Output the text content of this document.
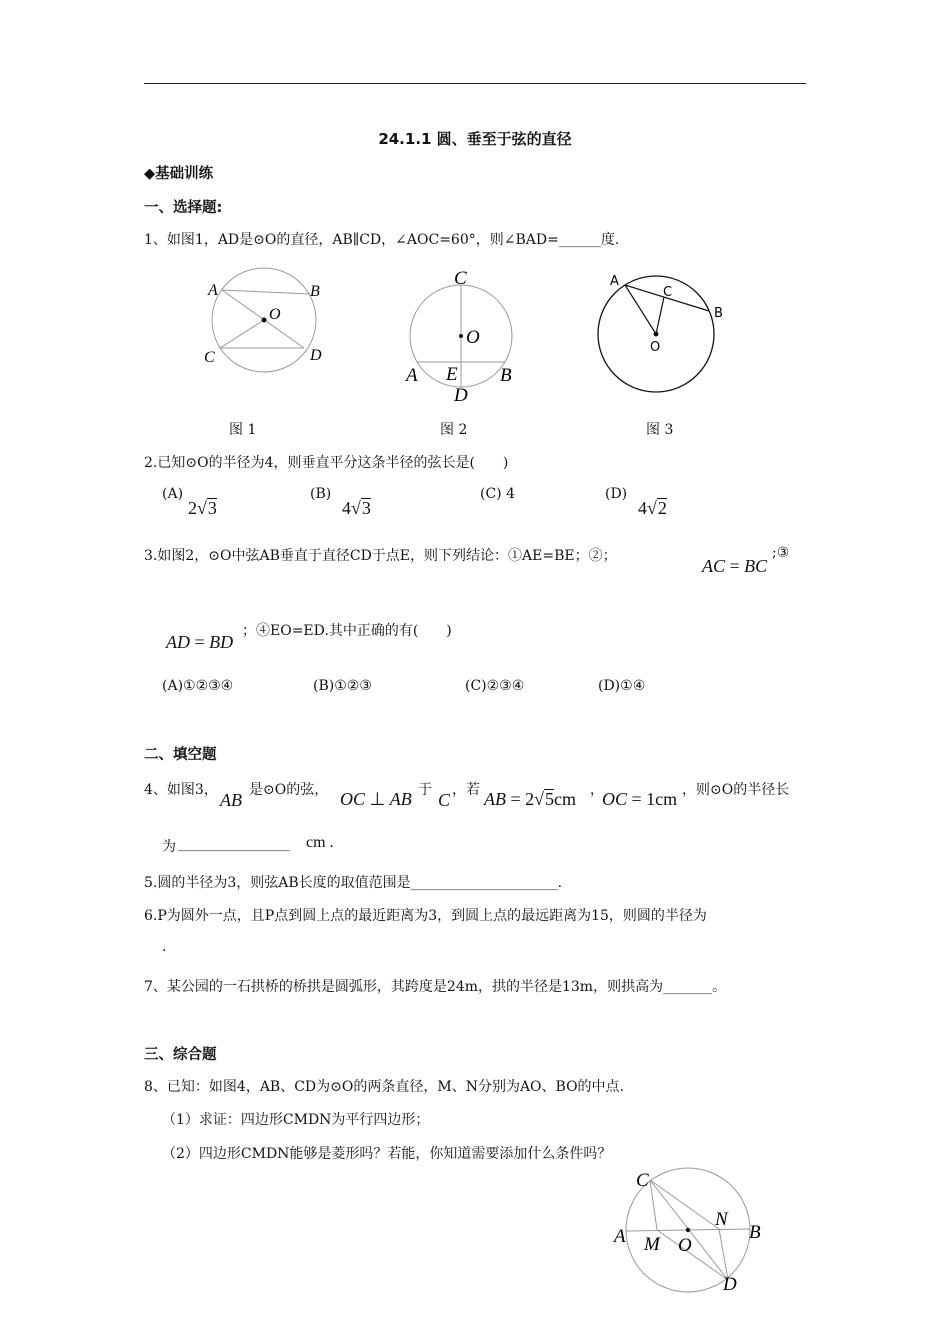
24.1.1 圆、垂至于弦的直径
◆基础训练
一、选择题:
1、如图1，AD是⊙O的直径，AB∥CD，∠AOC=60°，则∠BAD=______度.
A	B
O
C	D
图 1
C
O
A E B
D
图 2
A
C
B
O
图 3
2.已知⊙O的半径为4，则垂直平分这条半径的弦长是(　　)
(A)
2√3
(B)
4√3
(C) 4	(D)
4√2
3.如图2，⊙O中弦AB垂直于直径CD于点E，则下列结论：①AE=BE；②；	AC = BC
;③
AD = BD
；④EO=ED.其中正确的有(　　)
(A)①②③④	(B)①②③	(C)②③④	(D)①④
二、填空题
4、如图3， AB 是⊙O的弦， OC ⊥ AB 于 C ，若 AB = 2√5cm ，
OC = 1cm ，则⊙O的半径长
为 ________________ cm .
5.圆的半径为3，则弦AB长度的取值范围是_____________________.
6.P为圆外一点，且P点到圆上点的最近距离为3，到圆上点的最远距离为15，则圆的半径为
.
7、某公园的一石拱桥的桥拱是圆弧形，其跨度是24m，拱的半径是13m，则拱高为_______。
三、综合题
8、已知：如图4，AB、CD为⊙O的两条直径，M、N分别为AO、BO的中点.
（1）求证：四边形CMDN为平行四边形；
（2）四边形CMDN能够是菱形吗？若能，你知道需要添加什么条件吗？
C
A M O
N
B
D
